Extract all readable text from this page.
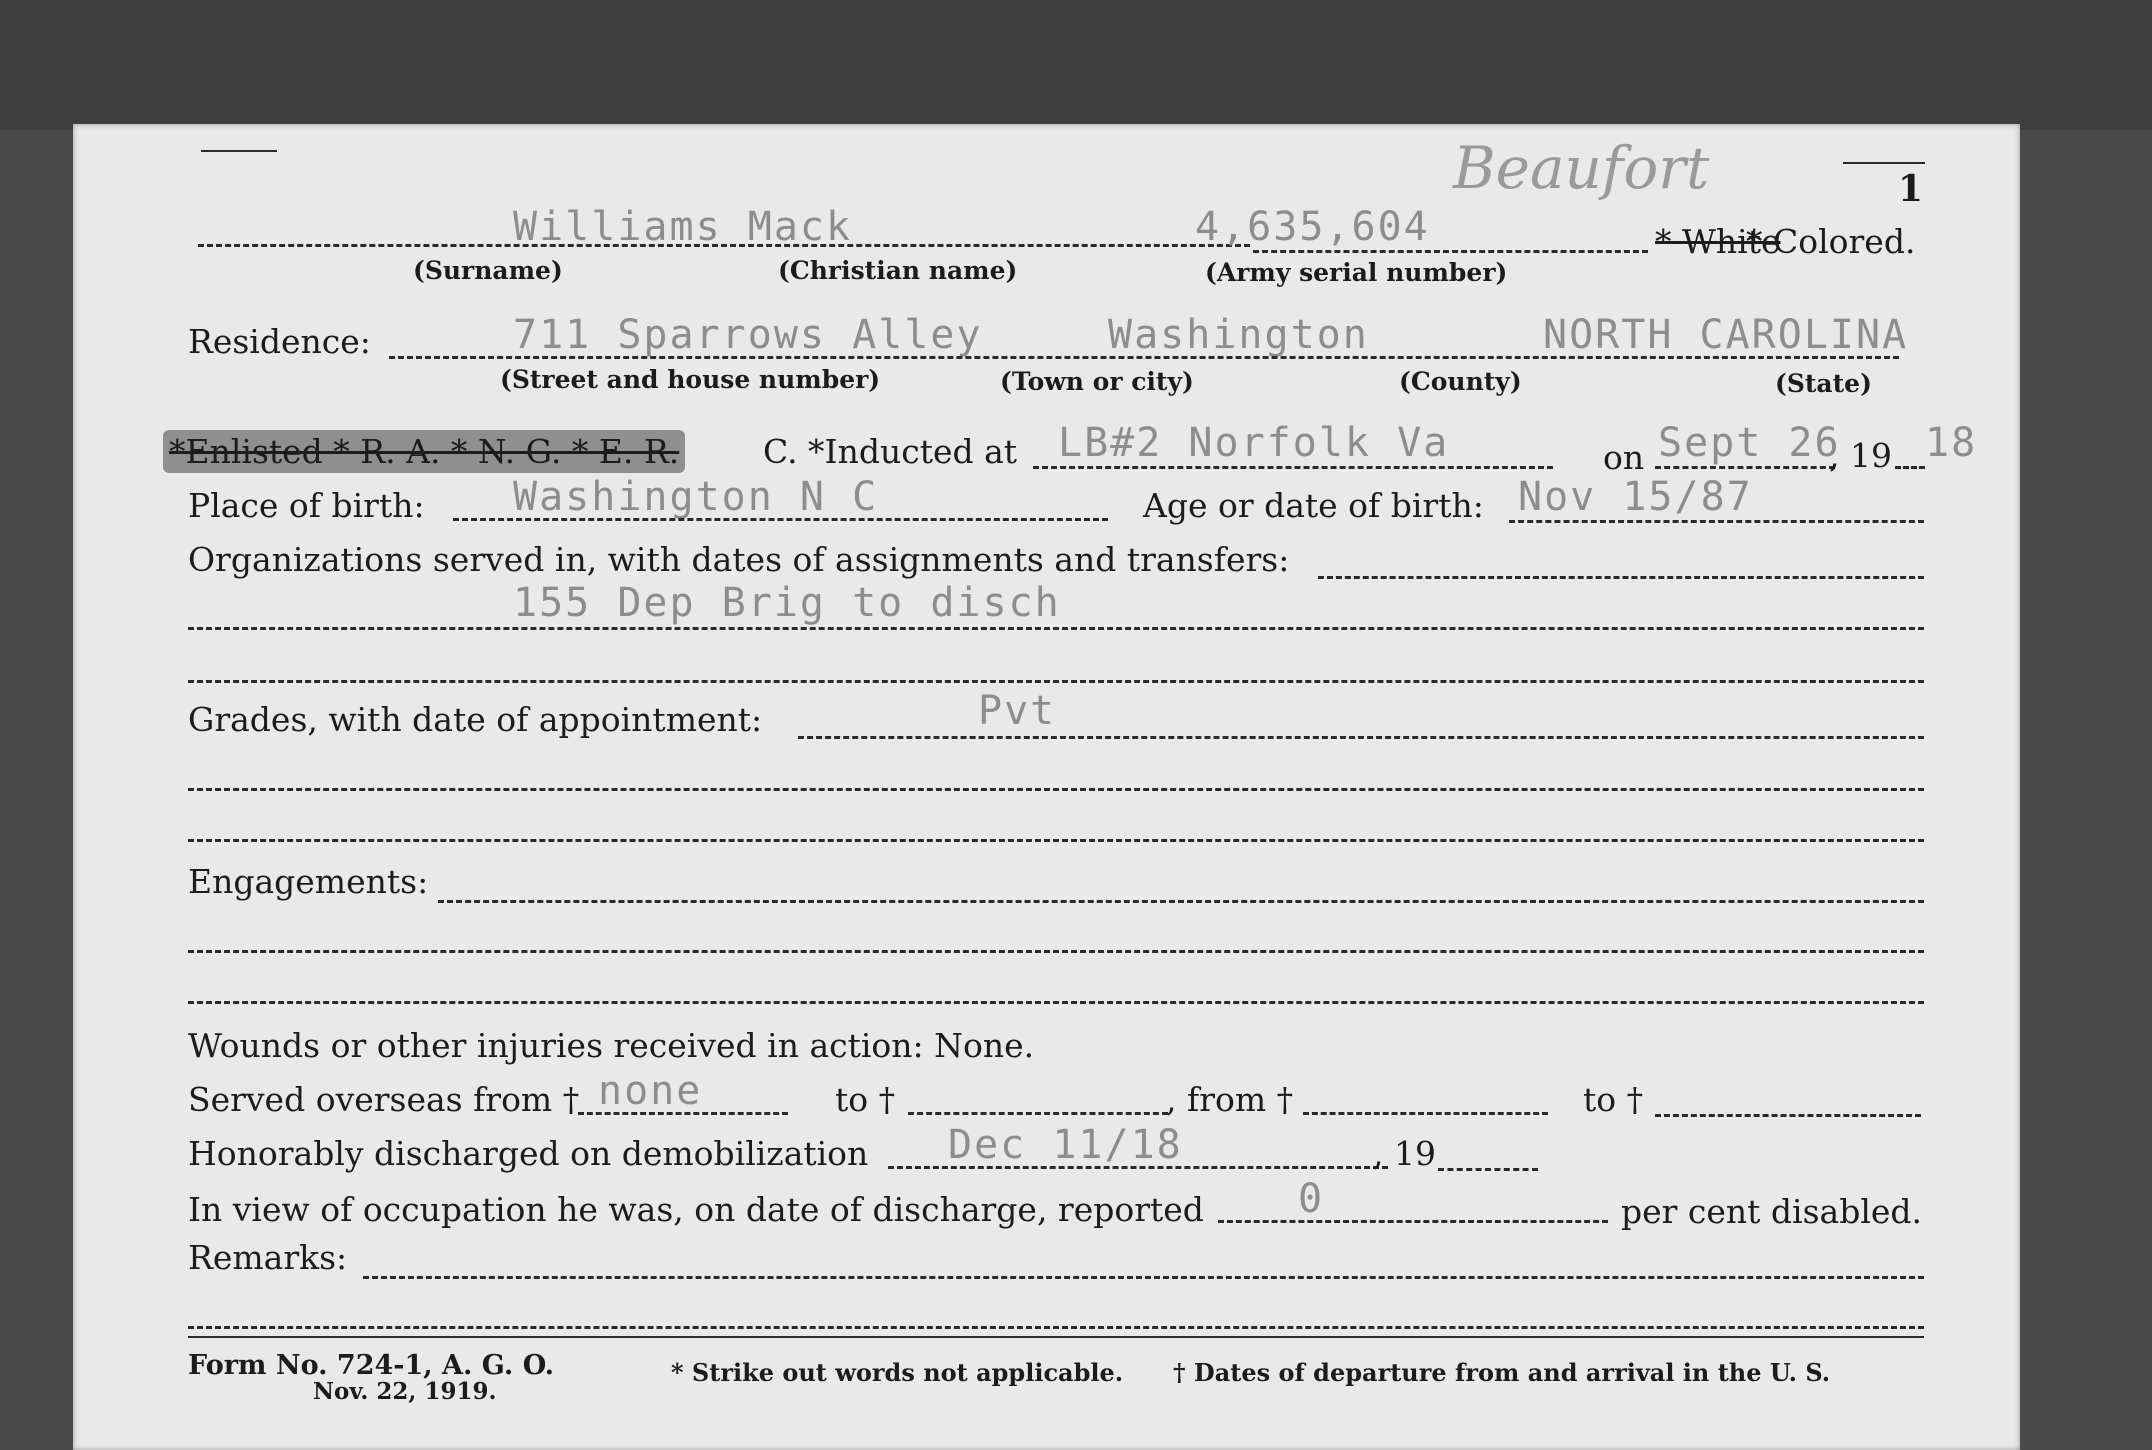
Beaufort	1
Williams Mack	4,635,604	* White
* Colored.
(Surname)	(Christian name)	(Army serial number)
Residence:	711 Sparrows Alley	Washington	NORTH CAROLINA
(Street and house number)	(Town or city)	(County)	(State)
*Enlisted * R. A. * N. G. * E. R.	C. *Inducted at LB#2 Norfolk Va	on Sept 26
, 19 18
Place of birth: Washington N C	Age or date of birth: Nov 15/87
Organizations served in, with dates of assignments and transfers:
155 Dep Brig to disch
Grades, with date of appointment:	Pvt
Engagements:
Wounds or other injuries received in action: None.
Served overseas from † none	to †	, from †	to †
Honorably discharged on demobilization Dec 11/18	, 19
In view of occupation he was, on date of discharge, reported 0	per cent disabled.
Remarks:
Form No. 724-1, A. G. O.
Nov. 22, 1919.
* Strike out words not applicable. † Dates of departure from and arrival in the U. S.
